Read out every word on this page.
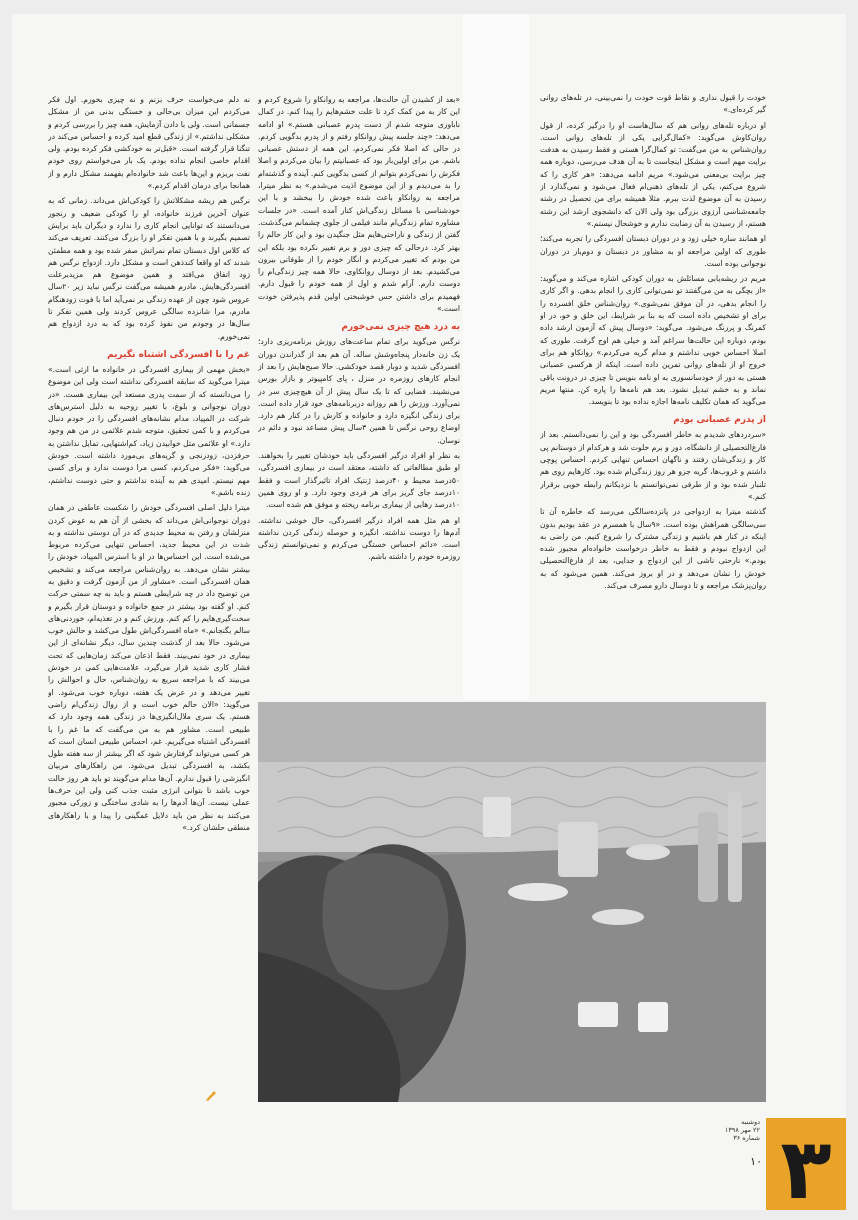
خودت را قبول نداری و نقاط قوت خودت را نمی‌بینی، در تله‌های روانی گیر کرده‌ای.»

او درباره تله‌های روانی هم که سال‌هاست او را درگیر کرده، از قول روان‌کاوش می‌گوید: «کمال‌گرایی یکی از تله‌های روانی است. روان‌شناس به من می‌گفت: تو کمال‌گرا هستی و فقط رسیدن به هدفت برایت مهم است و مشکل اینجاست تا به آن هدف می‌رسی، دوباره همه چیز برایت بی‌معنی می‌شود.» مریم ادامه می‌دهد: «هر کاری را که شروع می‌کنم، یکی از تله‌های ذهنی‌ام فعال می‌شود و نمی‌گذارد از رسیدن به آن موضوع لذت ببرم. مثلا همیشه برای من تحصیل در رشته جامعه‌شناسی آرزوی بزرگی بود ولی الان که دانشجوی ارشد این رشته هستم، از رسیدن به آن رضایت ندارم و خوشحال نیستم.»

او همانند ساره خیلی زود و در دوران دبستان افسردگی را تجربه می‌کند؛ طوری که اولین مراجعه او به مشاور در دبستان و دوم‌بار در دوران نوجوانی بوده است.

مریم در ریشه‌یابی مسائلش به دوران کودکی اشاره می‌کند و می‌گوید: «از بچگی به من می‌گفتند تو نمی‌توانی کاری را انجام بدهی. و اگر کاری را انجام بدهی، در آن موفق نمی‌شوی.» روان‌شناس خلق افسرده را برای او تشخیص داده است که به بنا بر شرایط، این خلق و خو، در او کمرنگ و پررنگ می‌شود. می‌گوید: «دوسال پیش که آزمون ارشد داده بودم، دوباره این حالت‌ها سراغم آمد و خیلی هم اوج گرفت. طوری که اصلا احساس خوبی نداشتم و مدام گریه می‌کردم.» روانکاو هم برای خروج او از تله‌های روانی تمرین داده است. اینکه از هرکسی عصبانی هستی به دور از خودسانسوری به او نامه بنویس تا چیزی در درونت باقی نماند و به خشم تبدیل نشود. بعد هم نامه‌ها را پاره کن. منتها مریم می‌گوید که همان تکلیف نامه‌ها اجازه نداده بود تا بنویسد.

از پدرم عصبانی بودم

«سردردهای شدیدم به خاطر افسردگی بود و این را نمی‌دانستم. بعد از فارغ‌التحصیلی از دانشگاه، دور و برم خلوت شد و هرکدام از دوستانم پی کار و زندگی‌شان رفتند و ناگهان احساس تنهایی کردم. احساس پوچی داشتم و غروب‌ها، گریه جزو هر روز زندگی‌ام شده بود. کارهایم روی هم تلنبار شده بود و از طرفی نمی‌توانستم با نزدیکانم رابطه خوبی برقرار کنم.»

گذشته میترا به ازدواجی در پانزده‌سالگی می‌رسد که خاطره آن تا سی‌سالگی همراهش بوده است. «۹سال با همسرم در عقد بودیم بدون اینکه در کنار هم باشیم و زندگی مشترک را شروع کنیم. من راضی به این ازدواج نبودم و فقط به خاطر درخواست خانواده‌ام مجبور شده بودم.» نارحتی ناشی از این ازدواج و جدایی، بعد از فارغ‌التحصیلی خودش را نشان می‌دهد و در او بروز می‌کند. همین می‌شود که به روان‌پزشک مراجعه و تا دوسال دارو مصرف می‌کند.

«بعد از کشیدن آن حالت‌ها، مراجعه به روانکاو را شروع کردم و این کار به من کمک کرد تا علت خشم‌هایم را پیدا کنم. در کمال ناباوری متوجه شدم از دست پدرم عصبانی هستم.» او ادامه می‌دهد: «چند جلسه پیش روانکاو رفتم و از پدرم بدگویی کردم. در حالی که اصلا فکر نمی‌کردم، این همه از دستش عصبانی باشم. من برای اولین‌بار بود که عصبانیتم را بیان می‌کردم و اصلا فکرش را نمی‌کردم بتوانم از کسی بدگویی کنم. آینده و گذشته‌ام را بد می‌دیدم و از این موضوع اذیت می‌شدم.» به نظر میترا، مراجعه به روانکاو باعث شده خودش را ببخشد و با این خودشناسی با مسائل زندگی‌اش کنار آمده است. «در جلسات مشاوره تمام زندگی‌ام مانند فیلمی از جلوی چشمانم می‌گذشت. گفتن از زندگی و ناراحتی‌هایم مثل جنگیدن بود و این کار حالم را بهتر کرد. درحالی که چیزی دور و برم تغییر نکرده بود بلکه این من بودم که تغییر می‌کردم و انگار خودم را از طوفانی بیرون می‌کشیدم. بعد از دوسال روانکاوی، حالا همه چیز زندگی‌ام را دوست دارم. آرام شدم و اول از همه خودم را قبول دارم. فهمیدم برای داشتن حس خوشبختی اولین قدم پذیرفتن خودت است.»

به درد هیچ چیزی نمی‌خورم

نرگس می‌گوید برای تمام ساعت‌های روزش برنامه‌ریزی دارد؛ یک زن خانه‌دار پنجاه‌وشش ساله. آن هم بعد از گذراندن دوران افسردگی شدید و دوبار قصد خودکشی. حالا صبح‌هایش را بعد از انجام کارهای روزمره در منزل ، پای کامپیوتر و بازار بورس می‌نشیند. فضایی که تا یک سال پیش از آن هیچ‌چیزی سر در نمی‌آورد. ورزش را هم روزانه دربرنامه‌های خود قرار داده است. برای زندگی انگیزه دارد و خانواده و کارش را در کنار هم دارد. اوضاع روحی نرگس تا همین ۳سال پیش مساعد نبود و دائم در نوسان.

به نظر او افراد درگیر افسردگی باید خودشان تغییر را بخواهند. او طبق مطالعاتی که داشته، معتقد است در بیماری افسردگی، ۵۰درصد محیط و ۴۰درصد ژنتیک افراد تاثیرگذار است و فقط ۱۰درصد جای گریز برای هر فردی وجود دارد. و او روی همین ۱۰درصد رهایی از بیماری برنامه ریخته و موفق هم شده است.

او هم مثل همه افراد درگیر افسردگی، حال خوشی نداشته. آدم‌ها را دوست نداشته. انگیزه و حوصله زندگی کردن نداشته است. «دائم احساس خستگی می‌کردم و نمی‌توانستم زندگی روزمره خودم را داشته باشم.

نه دلم می‌خواست حرف بزنم و نه چیزی بخورم. اول فکر می‌کردم این میزان بی‌حالی و خستگی بدنی من از مشکل جسمانی است. ولی با دادن آزمایش، همه چیز را بررسی کردم و مشکلی نداشتم.» از زندگی قطع امید کرده و احساس می‌کند در تنگنا قرار گرفته است. «قبل‌تر به خودکشی فکر کرده بودم. ولی اقدام خاصی انجام نداده بودم. یک بار می‌خواستم روی خودم نفت بریزم و این‌ها باعث شد خانواده‌ام بفهمند مشکل دارم و از همانجا برای درمان اقدام کردم.»

نرگس هم ریشه مشکلاتش را کودکی‌اش می‌داند. زمانی که به عنوان آخرین فرزند خانواده، او را کودکی ضعیف و رنجور می‌دانستند که توانایی انجام کاری را ندارد و دیگران باید برایش تصمیم بگیرند و با همین تفکر او را بزرگ می‌کنند. تعریف می‌کند که کلاس اول دبستان تمام نمراتش صفر شده بود و همه مطمئن شدند که او واقعا کندذهن است و مشکل دارد. ازدواج نرگس هم زود اتفاق می‌افتد و همین موضوع هم مزیدبرعلت افسردگی‌هایش. مادرم همیشه می‌گفت نرگس نباید زیر ۲۰سال عروس شود چون از عهده زندگی بر نمی‌آید اما با فوت زودهنگام مادرم، مرا شانزده سالگی عروس کردند ولی همین تفکر تا سال‌ها در وجودم من نفوذ کرده بود که به درد ازدواج هم نمی‌خورم.

غم را با افسردگی اشتباه نگیریم

«بخش مهمی از بیماری افسردگی در خانواده ما ارثی است.» میترا می‌گوید که سابقه افسردگی نداشته است ولی این موضوع را می‌دانسته که از سمت پدری مستعد این بیماری هست. «در دوران نوجوانی و بلوغ، با تغییر روحیه به دلیل استرس‌های شرکت در المپیاد، مدام نشانه‌های افسردگی را در خودم دنبال می‌کردم و با کمی تحقیق، متوجه شدم علائمی در من هم وجود دارد.» او علائمی مثل خوابیدن زیاد، کم‌اشتهایی، تمایل نداشتن به حرفزدن، زودرنجی و گریه‌های بی‌مورد داشته است. خودش می‌گوید: «فکر می‌کردم، کسی مرا دوست ندارد و برای کسی مهم نیستم. امیدی هم به آینده نداشتم و حتی دوست نداشتم، زنده باشم.»

میترا دلیل اصلی افسردگی خودش را شکست عاطفی در همان دوران نوجوانی‌اش می‌داند که بخشی از آن هم به عوض کردن منزلشان و رفتن به محیط جدیدی که در آن دوستی نداشته و به شدت در این محیط جدید، احساس تنهایی می‌کرده مربوط می‌شده است. این احساس‌ها در او با استرس المپیاد، خودش را بیشتر نشان می‌دهد. به روان‌شناس مراجعه می‌کند و تشخیص همان افسردگی است. «مشاور از من آزمون گرفت و دقیق به من توضیح داد در چه شرایطی هستم و باید به چه سمتی حرکت کنم. او گفته بود بیشتر در جمع خانواده و دوستان قرار بگیرم و سخت‌گیری‌هایم را کم کنم. ورزش کنم و در تغذیه‌ام، خوردنی‌های سالم بگنجانم.» «ماه افسردگی‌اش طول می‌کشد و حالش خوب می‌شود. حالا بعد از گذشت چندین سال، دیگر نشانه‌ای از این بیماری در خود نمی‌بیند. فقط اذعان می‌کند زمان‌هایی که تحت فشار کاری شدید قرار می‌گیرد، علامت‌هایی کمی در خودش می‌بیند که با مراجعه سریع به روان‌شناس، حال و احوالش را تغییر می‌دهد و در عرض یک هفته، دوباره خوب می‌شود. او می‌گوید: «الان حالم خوب است و از روال زندگی‌ام راضی هستم. یک سری ملال‌انگیزی‌ها در زندگی همه وجود دارد که طبیعی است. مشاور هم به من می‌گفت که ما غم را با افسردگی اشتباه می‌گیریم. غم، احساس طبیعی انسان است که هر کسی می‌تواند گرفتارش شود که اگر بیشتر از سه هفته طول بکشد، به افسردگی تبدیل می‌شود. من راهکارهای مربیان انگیزشی را قبول ندارم. آن‌ها مدام می‌گویند تو باید هر روز حالت خوب باشد تا بتوانی انرژی مثبت جذب کنی ولی این حرف‌ها عملی نیست. آن‌ها آدم‌ها را به شادی ساختگی و زورکی مجبور می‌کنند به نظر من باید دلایل غمگینی را پیدا و با راهکارهای منطقی حلشان کرد.»

دوشنبه
۲۲ مهر ۱۳۹۸
شماره ۳۶
۱۰ ۳
